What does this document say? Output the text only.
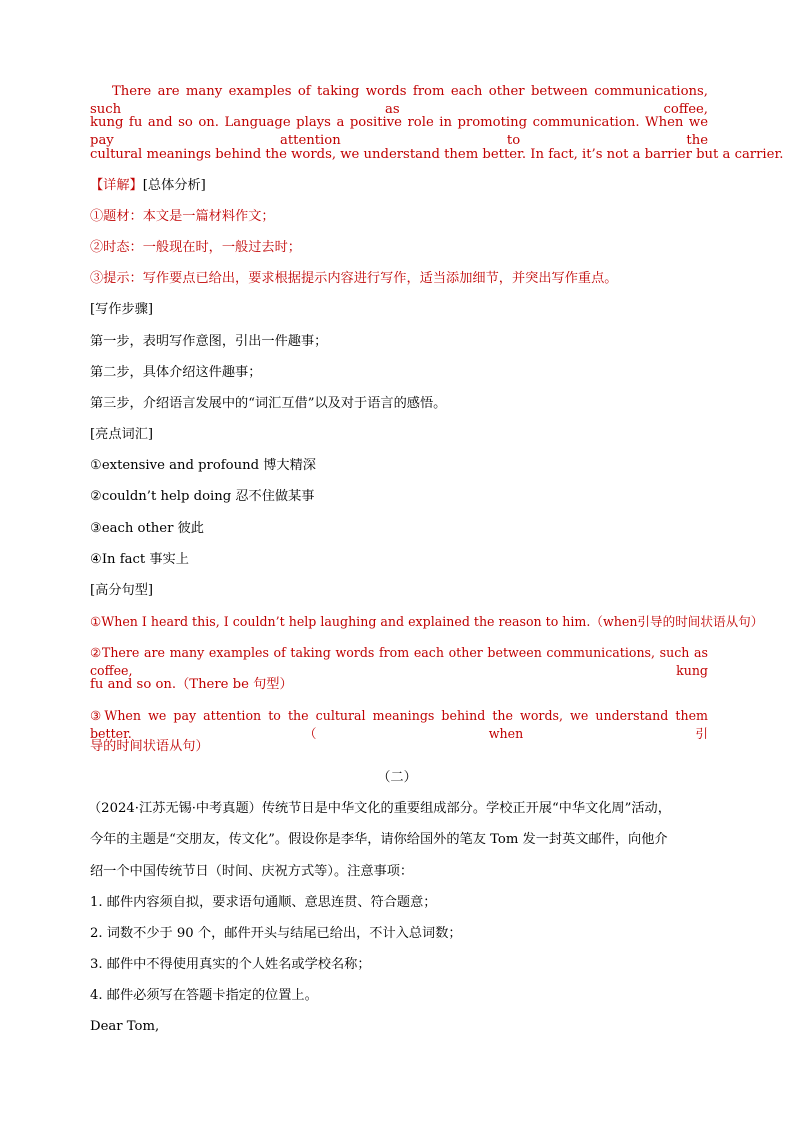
There are many examples of taking words from each other between communications, such as coffee,
kung fu and so on. Language plays a positive role in promoting communication. When we pay attention to the
cultural meanings behind the words, we understand them better. In fact, it’s not a barrier but a carrier.
【详解】[总体分析]
①题材：本文是一篇材料作文；
②时态：一般现在时，一般过去时；
③提示：写作要点已给出，要求根据提示内容进行写作，适当添加细节，并突出写作重点。
[写作步骤]
第一步，表明写作意图，引出一件趣事；
第二步，具体介绍这件趣事；
第三步，介绍语言发展中的“词汇互借”以及对于语言的感悟。
[亮点词汇]
①extensive and profound 博大精深
②couldn’t help doing 忍不住做某事
③each other 彼此
④In fact 事实上
[高分句型]
①When I heard this, I couldn’t help laughing and explained the reason to him.（when引导的时间状语从句）
②There are many examples of taking words from each other between communications, such as coffee, kung
fu and so on.（There be 句型）
③When we pay attention to the cultural meanings behind the words, we understand them better.（when引
导的时间状语从句）
（二）
（2024·江苏无锡·中考真题）传统节日是中华文化的重要组成部分。学校正开展“中华文化周”活动，
今年的主题是“交朋友，传文化”。假设你是李华，请你给国外的笔友 Tom 发一封英文邮件，向他介
绍一个中国传统节日（时间、庆祝方式等）。注意事项：
1. 邮件内容须自拟，要求语句通顺、意思连贯、符合题意；
2. 词数不少于 90 个，邮件开头与结尾已给出，不计入总词数；
3. 邮件中不得使用真实的个人姓名或学校名称；
4. 邮件必须写在答题卡指定的位置上。
Dear Tom,
